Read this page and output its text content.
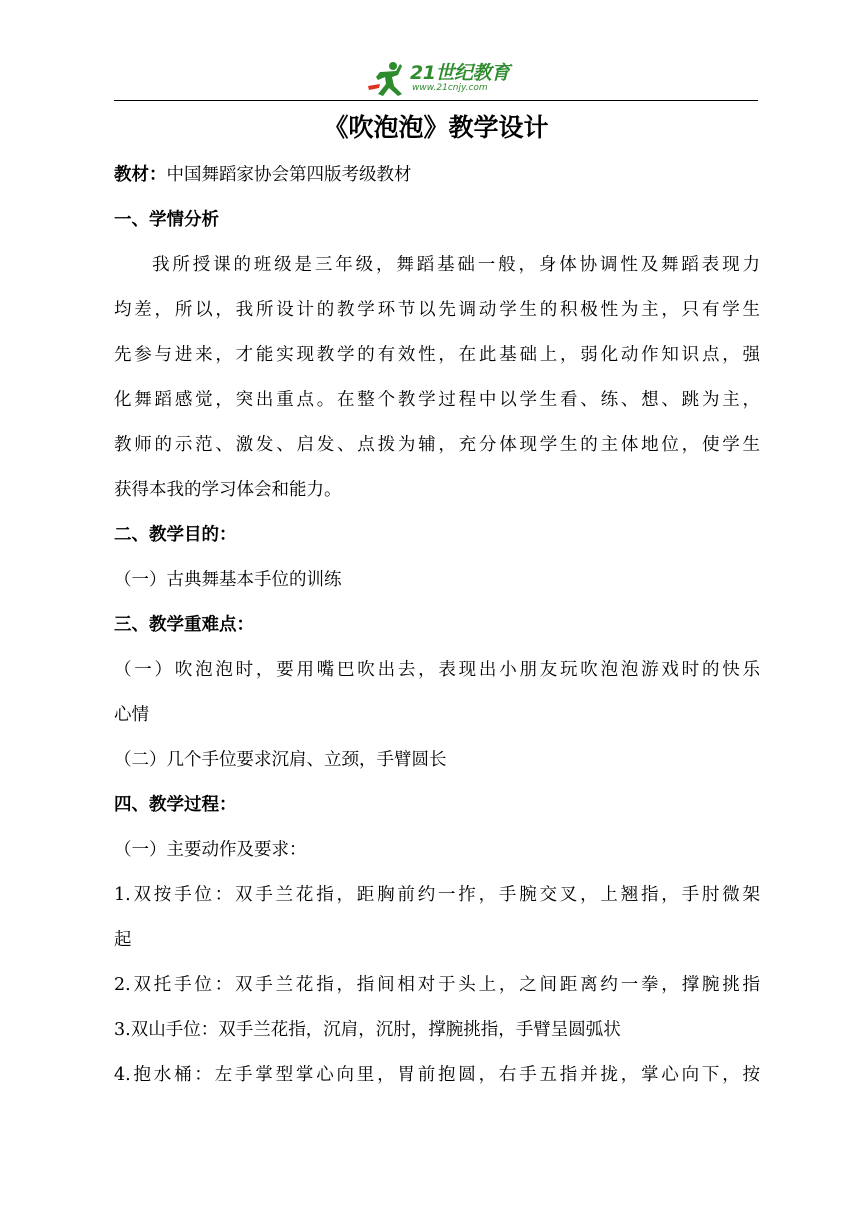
21世纪教育
www.21cnjy.com
《吹泡泡》教学设计
教材：中国舞蹈家协会第四版考级教材
一、学情分析
我所授课的班级是三年级，舞蹈基础一般，身体协调性及舞蹈表现力
均差，所以，我所设计的教学环节以先调动学生的积极性为主，只有学生
先参与进来，才能实现教学的有效性，在此基础上，弱化动作知识点，强
化舞蹈感觉，突出重点。在整个教学过程中以学生看、练、想、跳为主，
教师的示范、激发、启发、点拨为辅，充分体现学生的主体地位，使学生
获得本我的学习体会和能力。
二、教学目的：
（一）古典舞基本手位的训练
三、教学重难点：
（一）吹泡泡时，要用嘴巴吹出去，表现出小朋友玩吹泡泡游戏时的快乐
心情
（二）几个手位要求沉肩、立颈，手臂圆长
四、教学过程：
（一）主要动作及要求：
1.双按手位：双手兰花指，距胸前约一拃，手腕交叉，上翘指，手肘微架
起
2.双托手位：双手兰花指，指间相对于头上，之间距离约一拳，撑腕挑指
3.双山手位：双手兰花指，沉肩，沉肘，撑腕挑指，手臂呈圆弧状
4.抱水桶：左手掌型掌心向里，胃前抱圆，右手五指并拢，掌心向下，按
